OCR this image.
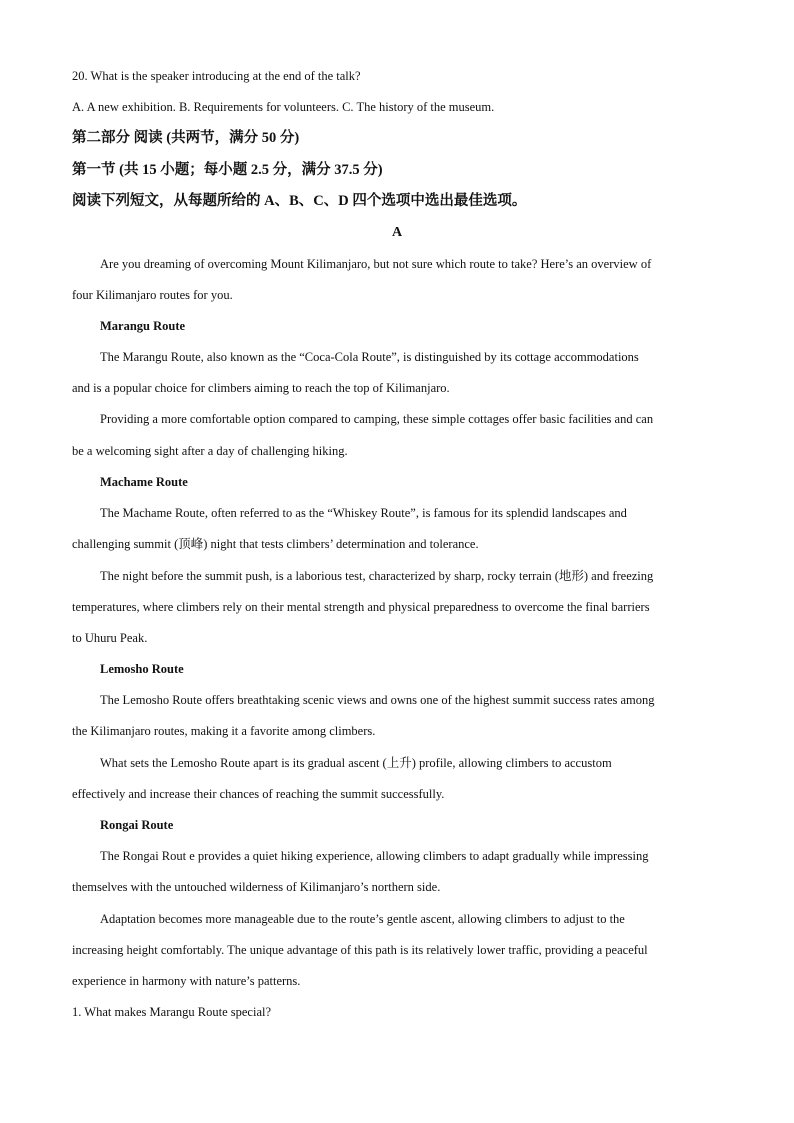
20. What is the speaker introducing at the end of the talk?
A. A new exhibition. B. Requirements for volunteers. C. The history of the museum.
第二部分 阅读 (共两节，满分 50 分)
第一节 (共 15 小题；每小题 2.5 分，满分 37.5 分)
阅读下列短文，从每题所给的 A、B、C、D 四个选项中选出最佳选项。
A
Are you dreaming of overcoming Mount Kilimanjaro, but not sure which route to take? Here’s an overview of
four Kilimanjaro routes for you.
Marangu Route
The Marangu Route, also known as the “Coca-Cola Route”, is distinguished by its cottage accommodations
and is a popular choice for climbers aiming to reach the top of Kilimanjaro.
Providing a more comfortable option compared to camping, these simple cottages offer basic facilities and can
be a welcoming sight after a day of challenging hiking.
Machame Route
The Machame Route, often referred to as the “Whiskey Route”, is famous for its splendid landscapes and
challenging summit (顶峰) night that tests climbers’ determination and tolerance.
The night before the summit push, is a laborious test, characterized by sharp, rocky terrain (地形) and freezing
temperatures, where climbers rely on their mental strength and physical preparedness to overcome the final barriers
to Uhuru Peak.
Lemosho Route
The Lemosho Route offers breathtaking scenic views and owns one of the highest summit success rates among
the Kilimanjaro routes, making it a favorite among climbers.
What sets the Lemosho Route apart is its gradual ascent (上升) profile, allowing climbers to accustom
effectively and increase their chances of reaching the summit successfully.
Rongai Route
The Rongai Rout e provides a quiet hiking experience, allowing climbers to adapt gradually while impressing
themselves with the untouched wilderness of Kilimanjaro’s northern side.
Adaptation becomes more manageable due to the route’s gentle ascent, allowing climbers to adjust to the
increasing height comfortably. The unique advantage of this path is its relatively lower traffic, providing a peaceful
experience in harmony with nature’s patterns.
1. What makes Marangu Route special?
